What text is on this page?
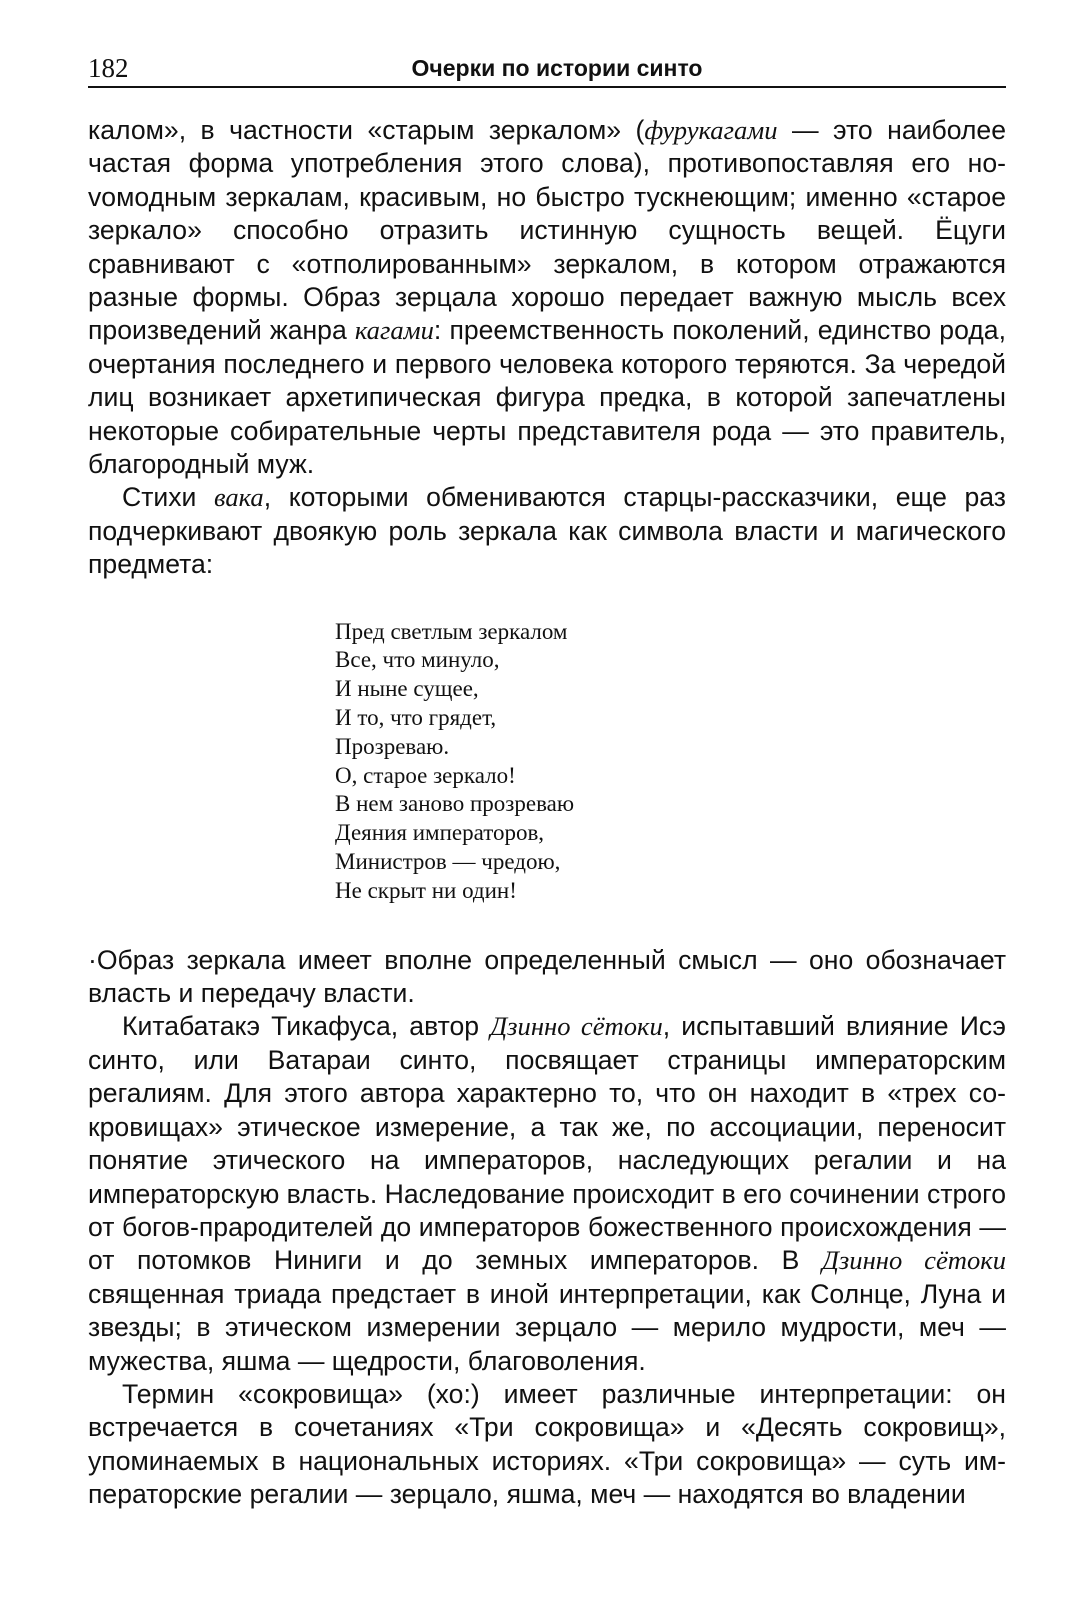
182	Очерки по истории синто

калом», в частности «старым зеркалом» (фурукагами — это наиболее частая форма употребления этого слова), противопоставляя его ноvомодным зеркалам, красивым, но быстро тускнеющим; именно «старое зеркало» способно отразить истинную сущность вещей. Ёцуги сравнивают с «отполированным» зеркалом, в котором отражаются разные формы. Образ зерцала хорошо передает важную мысль всех произведений жанра кагами: преемственность поколений, единство рода, очертания последнего и первого человека которого теряются. За чередой лиц возникает архетипическая фигура предка, в которой запечатлены некоторые собирательные черты представителя рода — это правитель, благородный муж.

Стихи вака, которыми обмениваются старцы-рассказчики, еще раз подчеркивают двоякую роль зеркала как символа власти и магического предмета:

Пред светлым зеркалом
Все, что минуло,
И ныне сущее,
И то, что грядет,
Прозреваю.
О, старое зеркало!
В нем заново прозреваю
Деяния императоров,
Министров — чредою,
Не скрыт ни один!

·Образ зеркала имеет вполне определенный смысл — оно обозначает власть и передачу власти.

Китабатакэ Тикафуса, автор Дзинно сётоки, испытавший влияние Исэ синто, или Ватараи синто, посвящает страницы императорским регалиям. Для этого автора характерно то, что он находит в «трех сокровищах» этическое измерение, а так же, по ассоциации, переносит понятие этического на императоров, наследующих регалии и на императорскую власть. Наследование происходит в его сочинении строго от богов-прародителей до императоров божественного происхождения — от потомков Ниниги и до земных императоров. В Дзинно сётоки священная триада предстает в иной интерпретации, как Солнце, Луна и звезды; в этическом измерении зерцало — мерило мудрости, меч — мужества, яшма — щедрости, благоволения.

Термин «сокровища» (хо:) имеет различные интерпретации: он встречается в сочетаниях «Три сокровища» и «Десять сокровищ», упоминаемых в национальных историях. «Три сокровища» — суть императорские регалии — зерцало, яшма, меч — находятся во владении
